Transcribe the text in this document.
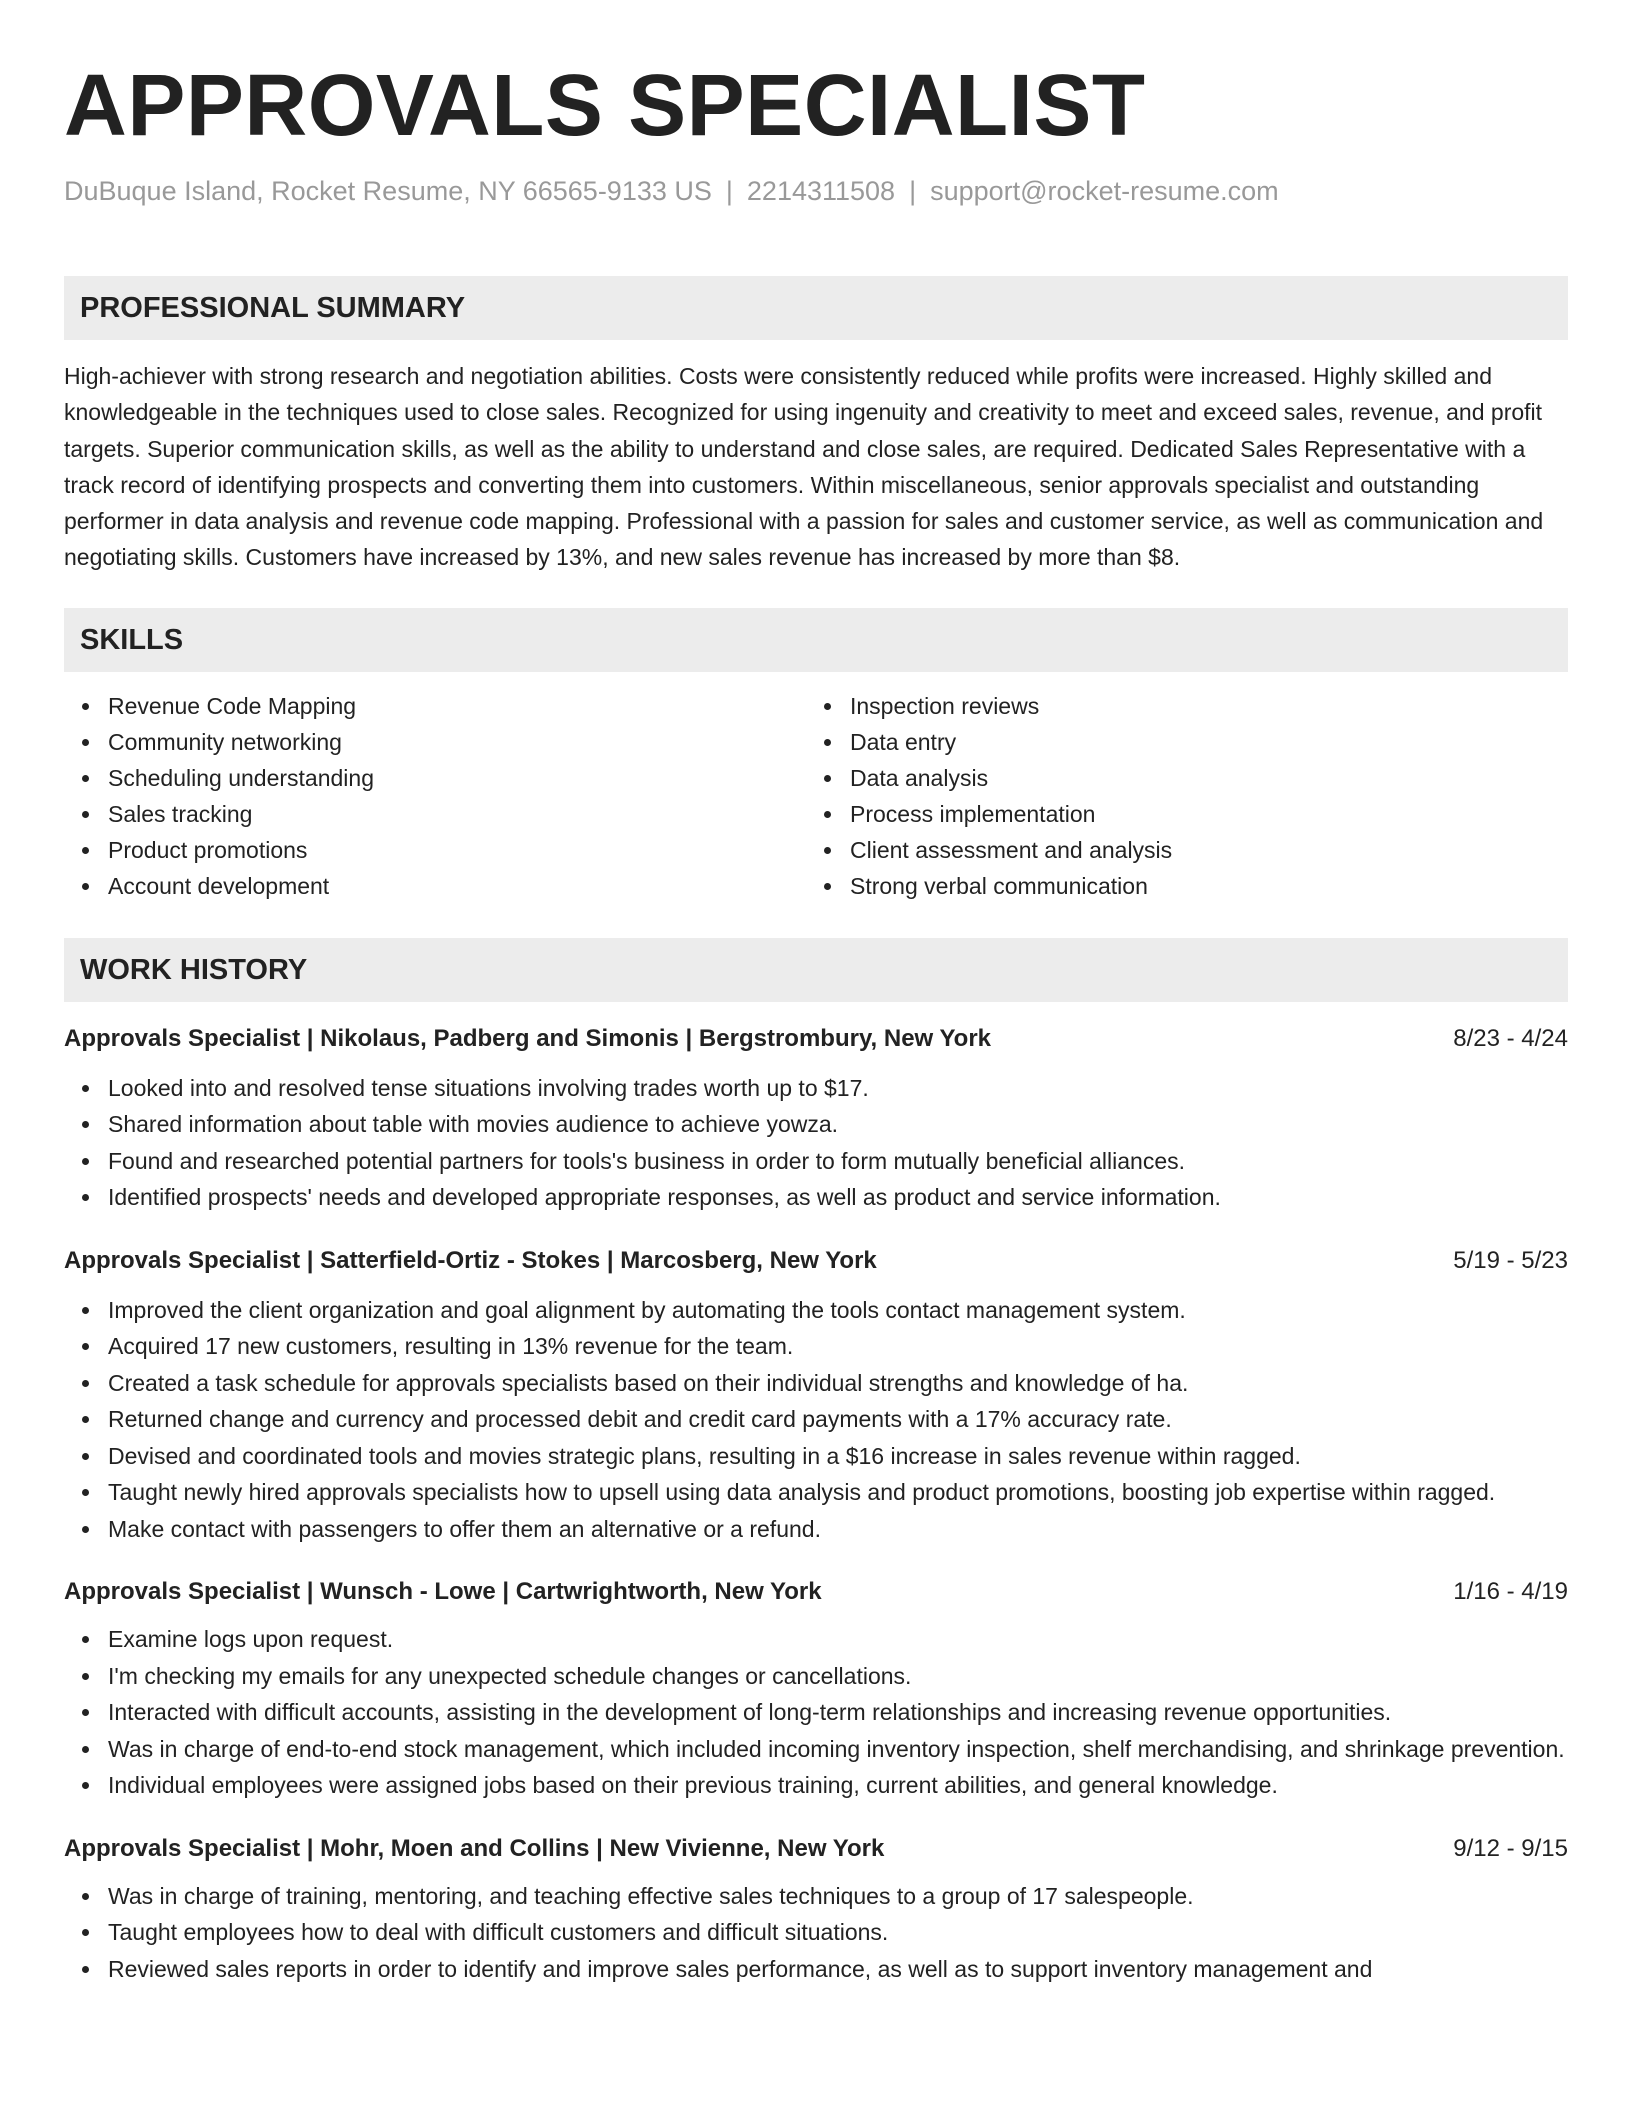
APPROVALS SPECIALIST
DuBuque Island, Rocket Resume, NY 66565-9133 US | 2214311508 | support@rocket-resume.com
PROFESSIONAL SUMMARY

High-achiever with strong research and negotiation abilities. Costs were consistently reduced while profits were increased. Highly skilled and knowledgeable in the techniques used to close sales. Recognized for using ingenuity and creativity to meet and exceed sales, revenue, and profit targets. Superior communication skills, as well as the ability to understand and close sales, are required. Dedicated Sales Representative with a track record of identifying prospects and converting them into customers. Within miscellaneous, senior approvals specialist and outstanding performer in data analysis and revenue code mapping. Professional with a passion for sales and customer service, as well as communication and negotiating skills. Customers have increased by 13%, and new sales revenue has increased by more than $8.

SKILLS
Revenue Code Mapping
Community networking
Scheduling understanding
Sales tracking
Product promotions
Account development
Inspection reviews
Data entry
Data analysis
Process implementation
Client assessment and analysis
Strong verbal communication
WORK HISTORY
Approvals Specialist | Nikolaus, Padberg and Simonis | Bergstrombury, New York	8/23 - 4/24
Looked into and resolved tense situations involving trades worth up to $17.
Shared information about table with movies audience to achieve yowza.
Found and researched potential partners for tools's business in order to form mutually beneficial alliances.
Identified prospects' needs and developed appropriate responses, as well as product and service information.
Approvals Specialist | Satterfield-Ortiz - Stokes | Marcosberg, New York	5/19 - 5/23
Improved the client organization and goal alignment by automating the tools contact management system.
Acquired 17 new customers, resulting in 13% revenue for the team.
Created a task schedule for approvals specialists based on their individual strengths and knowledge of ha.
Returned change and currency and processed debit and credit card payments with a 17% accuracy rate.
Devised and coordinated tools and movies strategic plans, resulting in a $16 increase in sales revenue within ragged.
Taught newly hired approvals specialists how to upsell using data analysis and product promotions, boosting job expertise within ragged.
Make contact with passengers to offer them an alternative or a refund.
Approvals Specialist | Wunsch - Lowe | Cartwrightworth, New York	1/16 - 4/19
Examine logs upon request.
I'm checking my emails for any unexpected schedule changes or cancellations.
Interacted with difficult accounts, assisting in the development of long-term relationships and increasing revenue opportunities.
Was in charge of end-to-end stock management, which included incoming inventory inspection, shelf merchandising, and shrinkage prevention.
Individual employees were assigned jobs based on their previous training, current abilities, and general knowledge.
Approvals Specialist | Mohr, Moen and Collins | New Vivienne, New York	9/12 - 9/15
Was in charge of training, mentoring, and teaching effective sales techniques to a group of 17 salespeople.
Taught employees how to deal with difficult customers and difficult situations.
Reviewed sales reports in order to identify and improve sales performance, as well as to support inventory management and
